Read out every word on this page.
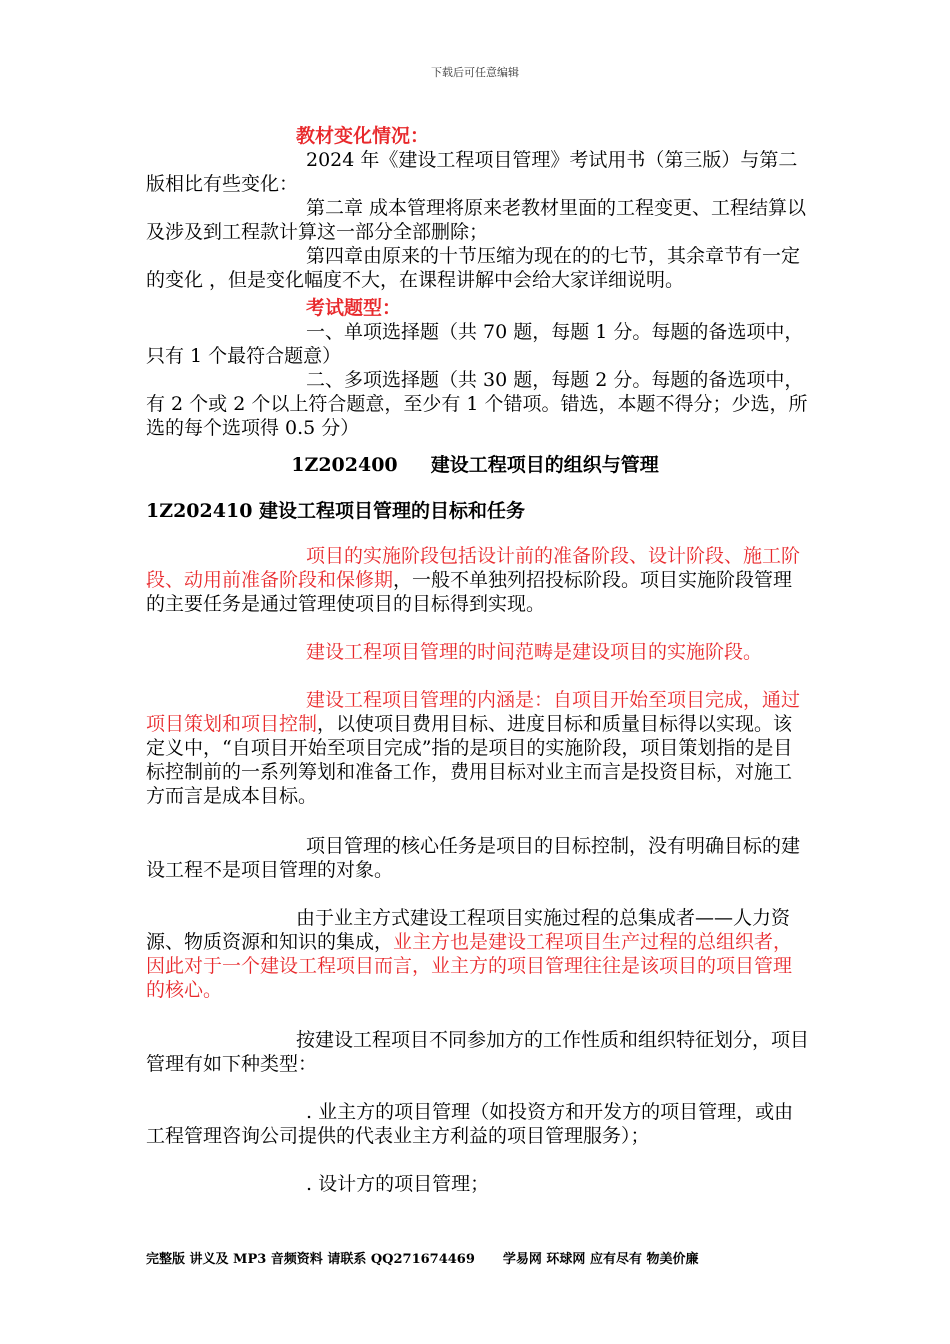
下载后可任意编辑
教材变化情况：
2024 年《建设工程项目管理》考试用书（第三版）与第二版相比有些变化：
第二章 成本管理将原来老教材里面的工程变更、工程结算以及涉及到工程款计算这一部分全部删除；
第四章由原来的十节压缩为现在的的七节，其余章节有一定的变化 ，但是变化幅度不大，在课程讲解中会给大家详细说明。
考试题型：
一、单项选择题（共 70 题，每题 1 分。每题的备选项中，只有 1 个最符合题意）
二、多项选择题（共 30 题，每题 2 分。每题的备选项中，有 2 个或 2 个以上符合题意，至少有 1 个错项。错选，本题不得分；少选，所选的每个选项得 0.5 分）
1Z202400 建设工程项目的组织与管理
1Z202410 建设工程项目管理的目标和任务
项目的实施阶段包括设计前的准备阶段、设计阶段、施工阶段、动用前准备阶段和保修期，一般不单独列招投标阶段。项目实施阶段管理的主要任务是通过管理使项目的目标得到实现。
建设工程项目管理的时间范畴是建设项目的实施阶段。
建设工程项目管理的内涵是：自项目开始至项目完成，通过项目策划和项目控制，以使项目费用目标、进度目标和质量目标得以实现。该定义中，“自项目开始至项目完成”指的是项目的实施阶段，项目策划指的是目标控制前的一系列筹划和准备工作，费用目标对业主而言是投资目标，对施工方而言是成本目标。
项目管理的核心任务是项目的目标控制，没有明确目标的建设工程不是项目管理的对象。
由于业主方式建设工程项目实施过程的总集成者——人力资源、物质资源和知识的集成，业主方也是建设工程项目生产过程的总组织者，因此对于一个建设工程项目而言，业主方的项目管理往往是该项目的项目管理的核心。
按建设工程项目不同参加方的工作性质和组织特征划分，项目管理有如下种类型：
. 业主方的项目管理（如投资方和开发方的项目管理，或由工程管理咨询公司提供的代表业主方利益的项目管理服务）；
. 设计方的项目管理；
完整版 讲义及 MP3 音频资料 请联系 QQ271674469 学易网 环球网 应有尽有 物美价廉
